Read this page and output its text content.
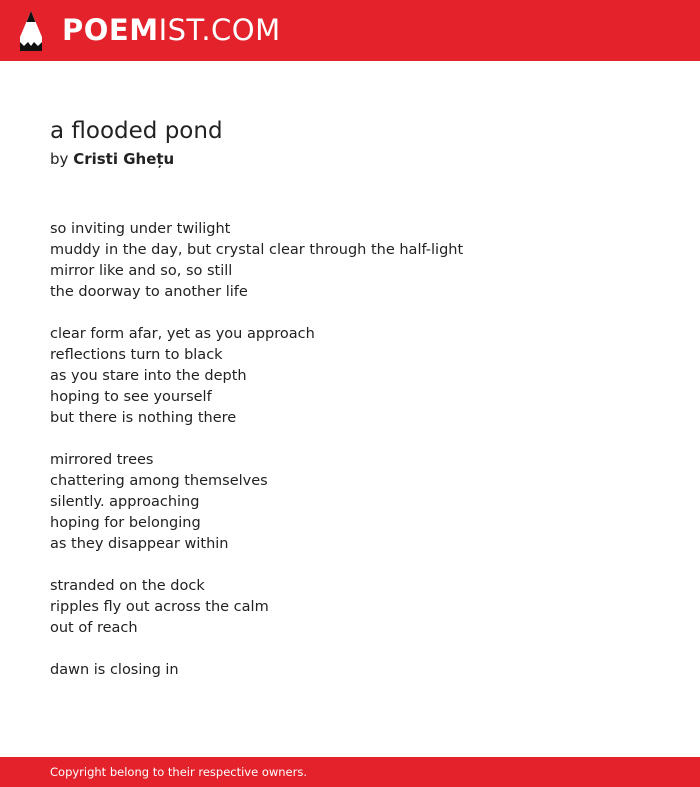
POEMIST.COM
a flooded pond
by Cristi Ghețu
so inviting under twilight
muddy in the day, but crystal clear through the half-light
mirror like and so, so still
the doorway to another life
clear form afar, yet as you approach
reflections turn to black
as you stare into the depth
hoping to see yourself
but there is nothing there
mirrored trees
chattering among themselves
silently. approaching
hoping for belonging
as they disappear within
stranded on the dock
ripples fly out across the calm
out of reach
dawn is closing in
Copyright belong to their respective owners.
